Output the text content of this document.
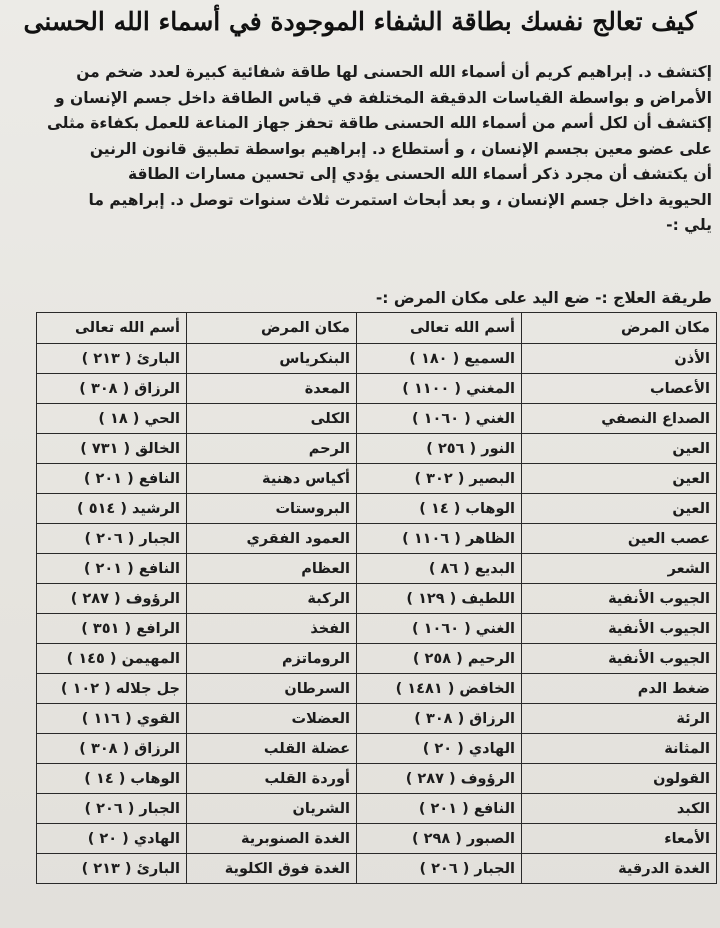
كيف تعالج نفسك بطاقة الشفاء الموجودة في أسماء الله الحسنى

إكتشف د. إبراهيم كريم أن أسماء الله الحسنى لها طاقة شفائية كبيرة لعدد ضخم من

الأمراض و بواسطة القياسات الدقيقة المختلفة في قياس الطاقة داخل جسم الإنسان و

إكتشف أن لكل أسم من أسماء الله الحسنى طاقة تحفز جهاز المناعة للعمل بكفاءة مثلى

على عضو معين بجسم الإنسان ، و أستطاع د. إبراهيم بواسطة تطبيق قانون الرنين

أن يكتشف أن مجرد ذكر أسماء الله الحسنى يؤدي إلى تحسين مسارات الطاقة

الحيوية داخل جسم الإنسان ، و بعد أبحاث استمرت ثلاث سنوات توصل د. إبراهيم ما

يلي :-

طريقة العلاج :- ضع اليد على مكان المرض :-
مكان المرض	أسم الله تعالى	مكان المرض	أسم الله تعالى
الأذن	السميع ( ١٨٠ )	البنكرياس	البارئ ( ٢١٣ )
الأعصاب	المغني ( ١١٠٠ )	المعدة	الرزاق ( ٣٠٨ )
الصداع النصفي	الغني ( ١٠٦٠ )	الكلى	الحي ( ١٨ )
العين	النور ( ٢٥٦ )	الرحم	الخالق ( ٧٣١ )
العين	البصير ( ٣٠٢ )	أكياس دهنية	النافع ( ٢٠١ )
العين	الوهاب ( ١٤ )	البروستات	الرشيد ( ٥١٤ )
عصب العين	الظاهر ( ١١٠٦ )	العمود الفقري	الجبار ( ٢٠٦ )
الشعر	البديع ( ٨٦ )	العظام	النافع ( ٢٠١ )
الجيوب الأنفية	اللطيف ( ١٢٩ )	الركبة	الرؤوف ( ٢٨٧ )
الجيوب الأنفية	الغني ( ١٠٦٠ )	الفخذ	الرافع ( ٣٥١ )
الجيوب الأنفية	الرحيم ( ٢٥٨ )	الروماتزم	المهيمن ( ١٤٥ )
ضغط الدم	الخافض ( ١٤٨١ )	السرطان	جل جلاله ( ١٠٢ )
الرئة	الرزاق ( ٣٠٨ )	العضلات	القوي ( ١١٦ )
المثانة	الهادي ( ٢٠ )	عضلة القلب	الرزاق ( ٣٠٨ )
القولون	الرؤوف ( ٢٨٧ )	أوردة القلب	الوهاب ( ١٤ )
الكبد	النافع ( ٢٠١ )	الشريان	الجبار ( ٢٠٦ )
الأمعاء	الصبور ( ٢٩٨ )	الغدة الصنوبرية	الهادي ( ٢٠ )
الغدة الدرقية	الجبار ( ٢٠٦ )	الغدة فوق الكلوية	البارئ ( ٢١٣ )
